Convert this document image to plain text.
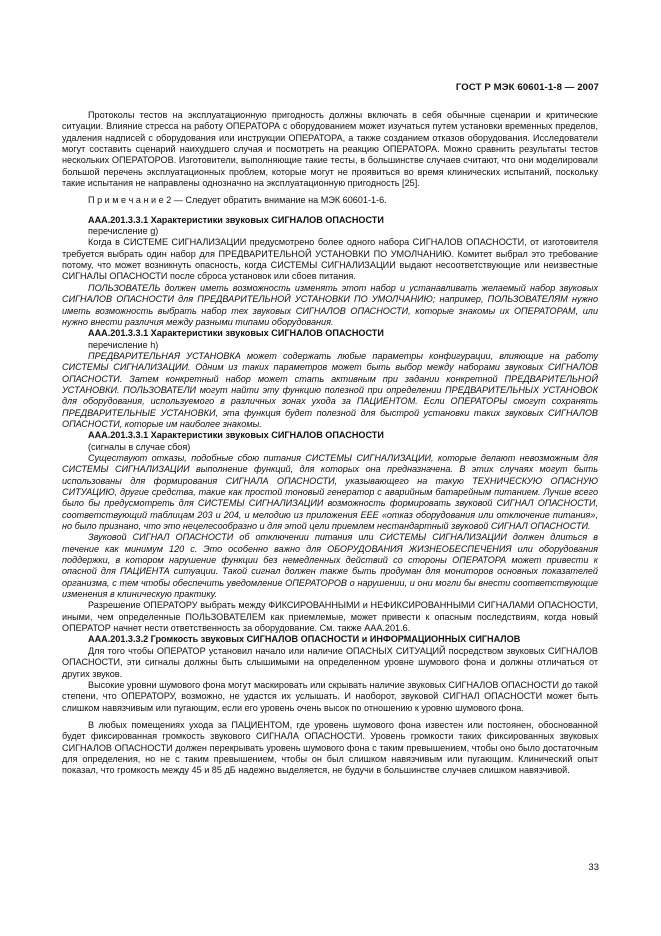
ГОСТ Р МЭК 60601-1-8 — 2007

Протоколы тестов на эксплуатационную пригодность должны включать в себя обычные сценарии и критические ситуации. Влияние стресса на работу ОПЕРАТОРА с оборудованием может изучаться путем установки временных пределов, удаления надписей с оборудования или инструкции ОПЕРАТОРА, а также созданием отказов оборудования. Исследователи могут составить сценарий наихудшего случая и посмотреть на реакцию ОПЕРАТОРА. Можно сравнить результаты тестов нескольких ОПЕРАТОРОВ. Изготовители, выполняющие такие тесты, в большинстве случаев считают, что они моделировали большой перечень эксплуатационных проблем, которые могут не проявиться во время клинических испытаний, поскольку такие испытания не направлены однозначно на эксплуатационную пригодность [25].

П р и м е ч а н и е 2 — Следует обратить внимание на МЭК 60601-1-6.

ААА.201.3.3.1 Характеристики звуковых СИГНАЛОВ ОПАСНОСТИ

перечисление g)

Когда в СИСТЕМЕ СИГНАЛИЗАЦИИ предусмотрено более одного набора СИГНАЛОВ ОПАСНОСТИ, от изготовителя требуется выбрать один набор для ПРЕДВАРИТЕЛЬНОЙ УСТАНОВКИ ПО УМОЛЧАНИЮ. Комитет выбрал это требование потому, что может возникнуть опасность, когда СИСТЕМЫ СИГНАЛИЗАЦИИ выдают несоответствующие или неизвестные СИГНАЛЫ ОПАСНОСТИ после сброса установок или сбоев питания.

ПОЛЬЗОВАТЕЛЬ должен иметь возможность изменять этот набор и устанавливать желаемый набор звуковых СИГНАЛОВ ОПАСНОСТИ для ПРЕДВАРИТЕЛЬНОЙ УСТАНОВКИ ПО УМОЛЧАНИЮ; например, ПОЛЬЗОВАТЕЛЯМ нужно иметь возможность выбрать набор тех звуковых СИГНАЛОВ ОПАСНОСТИ, которые знакомы их ОПЕРАТОРАМ, или нужно внести различия между разными типами оборудования.

ААА.201.3.3.1 Характеристики звуковых СИГНАЛОВ ОПАСНОСТИ

перечисление h)

ПРЕДВАРИТЕЛЬНАЯ УСТАНОВКА может содержать любые параметры конфигурации, влияющие на работу СИСТЕМЫ СИГНАЛИЗАЦИИ. Одним из таких параметров может быть выбор между наборами звуковых СИГНАЛОВ ОПАСНОСТИ. Затем конкретный набор может стать активным при задании конкретной ПРЕДВАРИТЕЛЬНОЙ УСТАНОВКИ. ПОЛЬЗОВАТЕЛИ могут найти эту функцию полезной при определении ПРЕДВАРИТЕЛЬНЫХ УСТАНОВОК для оборудования, используемого в различных зонах ухода за ПАЦИЕНТОМ. Если ОПЕРАТОРЫ смогут сохранять ПРЕДВАРИТЕЛЬНЫЕ УСТАНОВКИ, эта функция будет полезной для быстрой установки таких звуковых СИГНАЛОВ ОПАСНОСТИ, которые им наиболее знакомы.

ААА.201.3.3.1 Характеристики звуковых СИГНАЛОВ ОПАСНОСТИ

(сигналы в случае сбоя)

Существуют отказы, подобные сбою питания СИСТЕМЫ СИГНАЛИЗАЦИИ, которые делают невозможным для СИСТЕМЫ СИГНАЛИЗАЦИИ выполнение функций, для которых она предназначена. В этих случаях могут быть использованы для формирования СИГНАЛА ОПАСНОСТИ, указывающего на такую ТЕХНИЧЕСКУЮ ОПАСНУЮ СИТУАЦИЮ, другие средства, такие как простой тоновый генератор с аварийным батарейным питанием. Лучше всего было бы предусмотреть для СИСТЕМЫ СИГНАЛИЗАЦИИ возможность формировать звуковой СИГНАЛ ОПАСНОСТИ, соответствующий таблицам 203 и 204, и мелодию из приложения ЕЕЕ «отказ оборудования или отключение питания», но было признано, что это нецелесообразно и для этой цели приемлем нестандартный звуковой СИГНАЛ ОПАСНОСТИ.

Звуковой СИГНАЛ ОПАСНОСТИ об отключении питания или СИСТЕМЫ СИГНАЛИЗАЦИИ должен длиться в течение как минимум 120 с. Это особенно важно для ОБОРУДОВАНИЯ ЖИЗНЕОБЕСПЕЧЕНИЯ или оборудования поддержки, в котором нарушение функции без немедленных действий со стороны ОПЕРАТОРА может привести к опасной для ПАЦИЕНТА ситуации. Такой сигнал должен также быть продуман для мониторов основных показателей организма, с тем чтобы обеспечить уведомление ОПЕРАТОРОВ о нарушении, и они могли бы внести соответствующие изменения в клиническую практику.

Разрешение ОПЕРАТОРУ выбрать между ФИКСИРОВАННЫМИ и НЕФИКСИРОВАННЫМИ СИГНАЛАМИ ОПАСНОСТИ, иными, чем определенные ПОЛЬЗОВАТЕЛЕМ как приемлемые, может привести к опасным последствиям, когда новый ОПЕРАТОР начнет нести ответственность за оборудование. См. также ААА.201.6.

ААА.201.3.3.2 Громкость звуковых СИГНАЛОВ ОПАСНОСТИ и ИНФОРМАЦИОННЫХ СИГНАЛОВ

Для того чтобы ОПЕРАТОР установил начало или наличие ОПАСНЫХ СИТУАЦИЙ посредством звуковых СИГНАЛОВ ОПАСНОСТИ, эти сигналы должны быть слышимыми на определенном уровне шумового фона и должны отличаться от других звуков.

Высокие уровни шумового фона могут маскировать или скрывать наличие звуковых СИГНАЛОВ ОПАСНОСТИ до такой степени, что ОПЕРАТОРУ, возможно, не удастся их услышать. И наоборот, звуковой СИГНАЛ ОПАСНОСТИ может быть слишком навязчивым или пугающим, если его уровень очень высок по отношению к уровню шумового фона.

В любых помещениях ухода за ПАЦИЕНТОМ, где уровень шумового фона известен или постоянен, обоснованной будет фиксированная громкость звукового СИГНАЛА ОПАСНОСТИ. Уровень громкости таких фиксированных звуковых СИГНАЛОВ ОПАСНОСТИ должен перекрывать уровень шумового фона с таким превышением, чтобы оно было достаточным для определения, но не с таким превышением, чтобы он был слишком навязчивым или пугающим. Клинический опыт показал, что громкость между 45 и 85 дБ надежно выделяется, не будучи в большинстве случаев слишком навязчивой.

33
